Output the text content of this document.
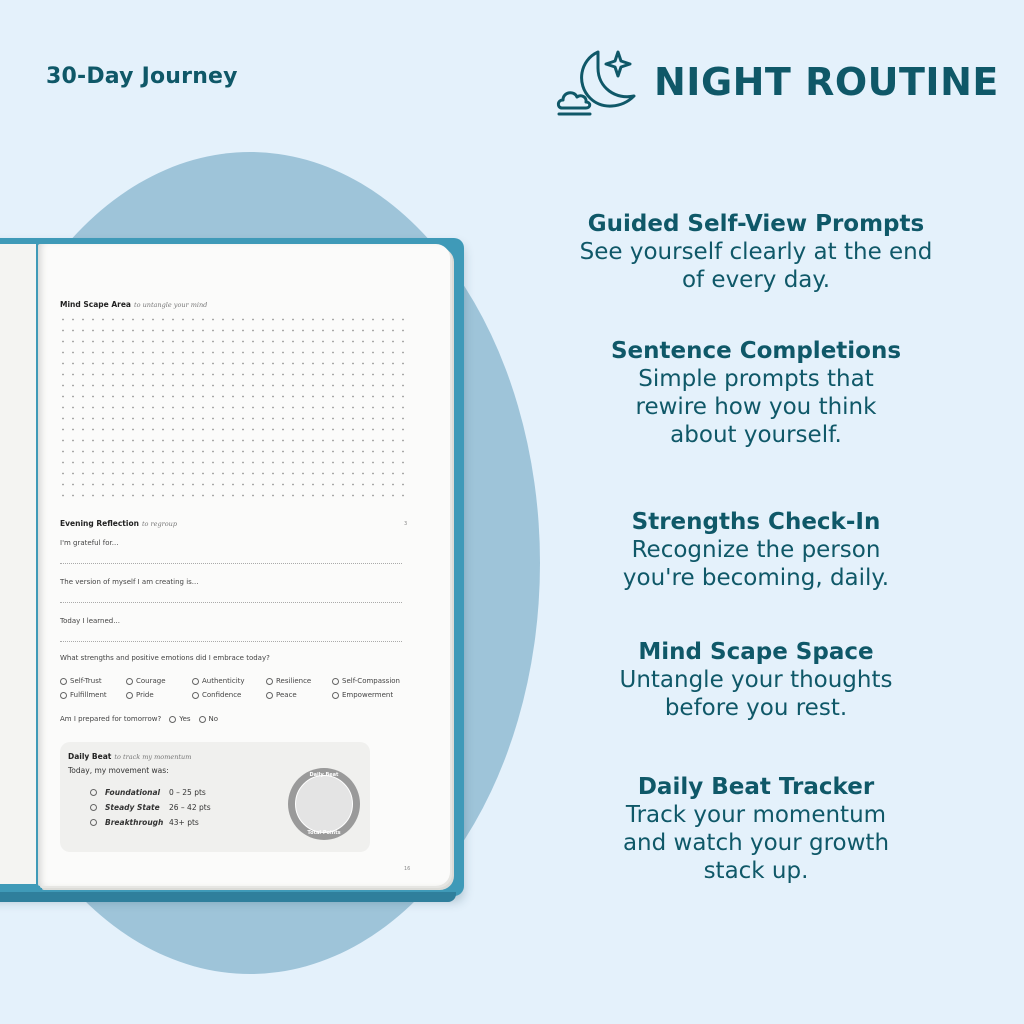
30-Day Journey	NIGHT ROUTINE
Mind Scape Area to untangle your mind
Evening Reflection to regroup	3
I'm grateful for...
The version of myself I am creating is...
Today I learned...
What strengths and positive emotions did I embrace today?
Self-Trust	Courage	Authenticity	Resilience	Self-Compassion
Fulfillment	Pride	Confidence	Peace	Empowerment
Am I prepared for tomorrow?	Yes	No
Daily Beat to track my momentum
Today, my movement was:
Foundational	0 – 25 pts
Steady State	26 – 42 pts
Breakthrough 43+ pts
Daily Beat
Total Points
16
Guided Self-View Prompts

See yourself clearly at the end

of every day.

Sentence Completions

Simple prompts that

rewire how you think

about yourself.

Strengths Check-In

Recognize the person

you're becoming, daily.

Mind Scape Space

Untangle your thoughts

before you rest.

Daily Beat Tracker

Track your momentum

and watch your growth

stack up.
